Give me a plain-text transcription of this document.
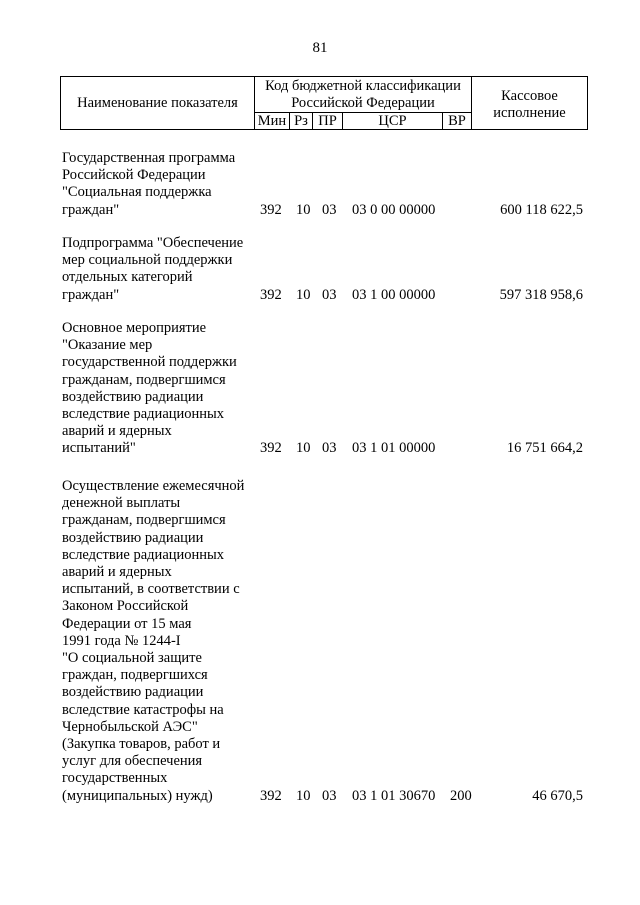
81
Наименование показателя
Код бюджетной классификации
Российской Федерации
Мин Рз ПР	ЦСР	ВР
Кассовое
исполнение
Государственная программа
Российской Федерации
"Социальная поддержка
граждан"	392 10 03 03 0 00 00000	600 118 622,5
Подпрограмма "Обеспечение
мер социальной поддержки
отдельных категорий
граждан"	392 10 03 03 1 00 00000	597 318 958,6
Основное мероприятие
"Оказание мер
государственной поддержки
гражданам, подвергшимся
воздействию радиации
вследствие радиационных
аварий и ядерных
испытаний"	392 10 03 03 1 01 00000	16 751 664,2
Осуществление ежемесячной
денежной выплаты
гражданам, подвергшимся
воздействию радиации
вследствие радиационных
аварий и ядерных
испытаний, в соответствии с
Законом Российской
Федерации от 15 мая
1991 года № 1244-I
"О социальной защите
граждан, подвергшихся
воздействию радиации
вследствие катастрофы на
Чернобыльской АЭС"
(Закупка товаров, работ и
услуг для обеспечения
государственных
(муниципальных) нужд)	392 10 03 03 1 01 30670 200	46 670,5
